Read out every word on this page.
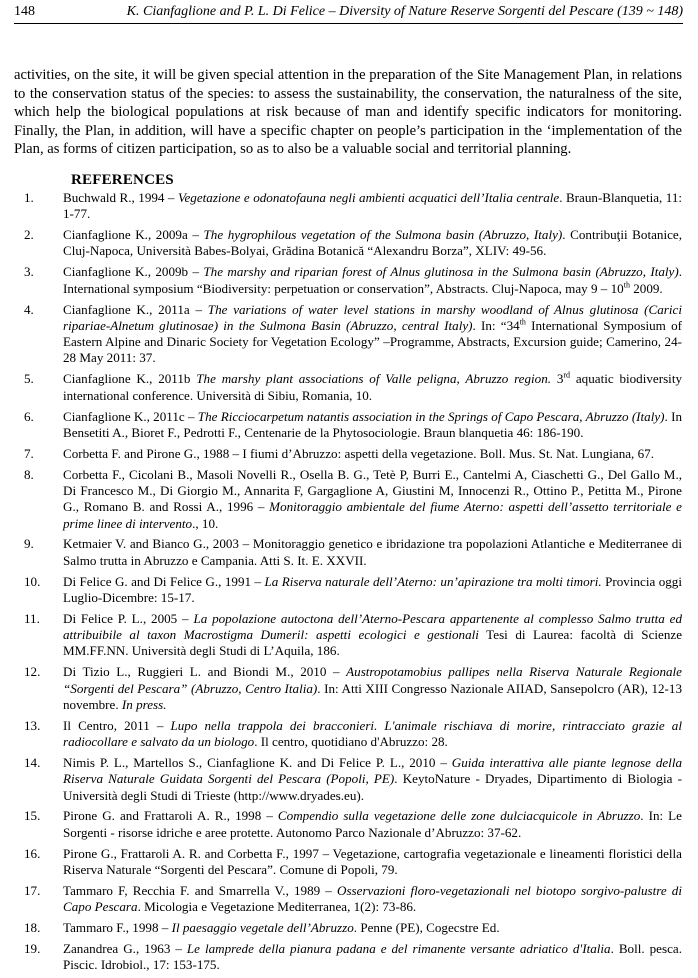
148	K. Cianfaglione and P. L. Di Felice – Diversity of Nature Reserve Sorgenti del Pescare (139 ~ 148)

activities, on the site, it will be given special attention in the preparation of the Site Management Plan, in relations to the conservation status of the species: to assess the sustainability, the conservation, the naturalness of the site, which help the biological populations at risk because of man and identify specific indicators for monitoring. Finally, the Plan, in addition, will have a specific chapter on people’s participation in the ‘implementation of the Plan, as forms of citizen participation, so as to also be a valuable social and territorial planning.

REFERENCES
1. Buchwald R., 1994 – Vegetazione e odonatofauna negli ambienti acquatici dell’Italia centrale. Braun-Blanquetia, 11: 1-77.
2. Cianfaglione K., 2009a – The hygrophilous vegetation of the Sulmona basin (Abruzzo, Italy). Contribuţii Botanice, Cluj-Napoca, Università Babes-Bolyai, Grădina Botanică “Alexandru Borza”, XLIV: 49-56.
3. Cianfaglione K., 2009b – The marshy and riparian forest of Alnus glutinosa in the Sulmona basin (Abruzzo, Italy). International symposium “Biodiversity: perpetuation or conservation”, Abstracts. Cluj-Napoca, may 9 – 10th 2009.
4. Cianfaglione K., 2011a – The variations of water level stations in marshy woodland of Alnus glutinosa (Carici ripariae-Alnetum glutinosae) in the Sulmona Basin (Abruzzo, central Italy). In: “34th International Symposium of Eastern Alpine and Dinaric Society for Vegetation Ecology” –Programme, Abstracts, Excursion guide; Camerino, 24-28 May 2011: 37.
5. Cianfaglione K., 2011b The marshy plant associations of Valle peligna, Abruzzo region. 3rd aquatic biodiversity international conference. Università di Sibiu, Romania, 10.
6. Cianfaglione K., 2011c – The Ricciocarpetum natantis association in the Springs of Capo Pescara, Abruzzo (Italy). In Bensetiti A., Bioret F., Pedrotti F., Centenarie de la Phytosociologie. Braun blanquetia 46: 186-190.
7. Corbetta F. and Pirone G., 1988 – I fiumi d’Abruzzo: aspetti della vegetazione. Boll. Mus. St. Nat. Lungiana, 67.
8. Corbetta F., Cicolani B., Masoli Novelli R., Osella B. G., Tetè P, Burri E., Cantelmi A, Ciaschetti G., Del Gallo M., Di Francesco M., Di Giorgio M., Annarita F, Gargaglione A, Giustini M, Innocenzi R., Ottino P., Petitta M., Pirone G., Romano B. and Rossi A., 1996 – Monitoraggio ambientale del fiume Aterno: aspetti dell’assetto territoriale e prime linee di intervento., 10.
9. Ketmaier V. and Bianco G., 2003 – Monitoraggio genetico e ibridazione tra popolazioni Atlantiche e Mediterranee di Salmo trutta in Abruzzo e Campania. Atti S. It. E. XXVII.
10. Di Felice G. and Di Felice G., 1991 – La Riserva naturale dell’Aterno: un’apirazione tra molti timori. Provincia oggi Luglio-Dicembre: 15-17.
11. Di Felice P. L., 2005 – La popolazione autoctona dell’Aterno-Pescara appartenente al complesso Salmo trutta ed attribuibile al taxon Macrostigma Dumeril: aspetti ecologici e gestionali Tesi di Laurea: facoltà di Scienze MM.FF.NN. Università degli Studi di L’Aquila, 186.
12. Di Tizio L., Ruggieri L. and Biondi M., 2010 – Austropotamobius pallipes nella Riserva Naturale Regionale “Sorgenti del Pescara” (Abruzzo, Centro Italia). In: Atti XIII Congresso Nazionale AIIAD, Sansepolcro (AR), 12-13 novembre. In press.
13. Il Centro, 2011 – Lupo nella trappola dei bracconieri. L'animale rischiava di morire, rintracciato grazie al radiocollare e salvato da un biologo. Il centro, quotidiano d'Abruzzo: 28.
14. Nimis P. L., Martellos S., Cianfaglione K. and Di Felice P. L., 2010 – Guida interattiva alle piante legnose della Riserva Naturale Guidata Sorgenti del Pescara (Popoli, PE). KeytoNature - Dryades, Dipartimento di Biologia - Università degli Studi di Trieste (http://www.dryades.eu).
15. Pirone G. and Frattaroli A. R., 1998 – Compendio sulla vegetazione delle zone dulciacquicole in Abruzzo. In: Le Sorgenti - risorse idriche e aree protette. Autonomo Parco Nazionale d’Abruzzo: 37-62.
16. Pirone G., Frattaroli A. R. and Corbetta F., 1997 – Vegetazione, cartografia vegetazionale e lineamenti floristici della Riserva Naturale “Sorgenti del Pescara”. Comune di Popoli, 79.
17. Tammaro F, Recchia F. and Smarrella V., 1989 – Osservazioni floro-vegetazionali nel biotopo sorgivo-palustre di Capo Pescara. Micologia e Vegetazione Mediterranea, 1(2): 73-86.
18. Tammaro F., 1998 – Il paesaggio vegetale dell’Abruzzo. Penne (PE), Cogecstre Ed.
19. Zanandrea G., 1963 – Le lamprede della pianura padana e del rimanente versante adriatico d'Italia. Boll. pesca. Piscic. Idrobiol., 17: 153-175.
